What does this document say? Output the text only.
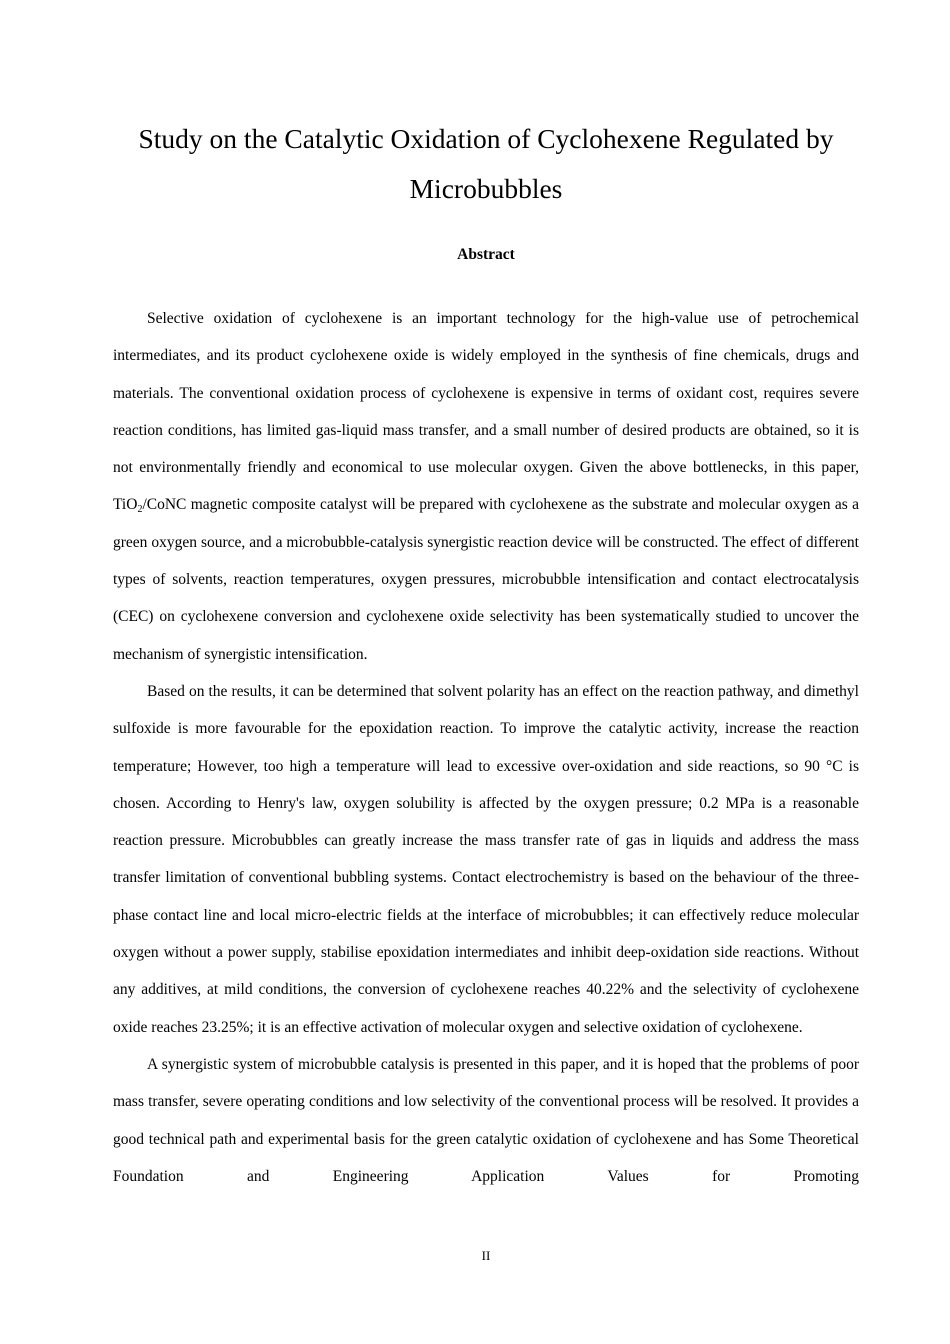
Study on the Catalytic Oxidation of Cyclohexene Regulated by Microbubbles
Abstract

Selective oxidation of cyclohexene is an important technology for the high-value use of petrochemical intermediates, and its product cyclohexene oxide is widely employed in the synthesis of fine chemicals, drugs and materials. The conventional oxidation process of cyclohexene is expensive in terms of oxidant cost, requires severe reaction conditions, has limited gas-liquid mass transfer, and a small number of desired products are obtained, so it is not environmentally friendly and economical to use molecular oxygen. Given the above bottlenecks, in this paper, TiO$_2$/CoNC magnetic composite catalyst will be prepared with cyclohexene as the substrate and molecular oxygen as a green oxygen source, and a microbubble-catalysis synergistic reaction device will be constructed. The effect of different types of solvents, reaction temperatures, oxygen pressures, microbubble intensification and contact electrocatalysis (CEC) on cyclohexene conversion and cyclohexene oxide selectivity has been systematically studied to uncover the mechanism of synergistic intensification.

Based on the results, it can be determined that solvent polarity has an effect on the reaction pathway, and dimethyl sulfoxide is more favourable for the epoxidation reaction. To improve the catalytic activity, increase the reaction temperature; However, too high a temperature will lead to excessive over-oxidation and side reactions, so 90 °C is chosen. According to Henry's law, oxygen solubility is affected by the oxygen pressure; 0.2 MPa is a reasonable reaction pressure. Microbubbles can greatly increase the mass transfer rate of gas in liquids and address the mass transfer limitation of conventional bubbling systems. Contact electrochemistry is based on the behaviour of the three-phase contact line and local micro-electric fields at the interface of microbubbles; it can effectively reduce molecular oxygen without a power supply, stabilise epoxidation intermediates and inhibit deep-oxidation side reactions. Without any additives, at mild conditions, the conversion of cyclohexene reaches 40.22% and the selectivity of cyclohexene oxide reaches 23.25%; it is an effective activation of molecular oxygen and selective oxidation of cyclohexene.

A synergistic system of microbubble catalysis is presented in this paper, and it is hoped that the problems of poor mass transfer, severe operating conditions and low selectivity of the conventional process will be resolved. It provides a good technical path and experimental basis for the green catalytic oxidation of cyclohexene and has Some Theoretical Foundation and Engineering Application Values for Promoting

II
